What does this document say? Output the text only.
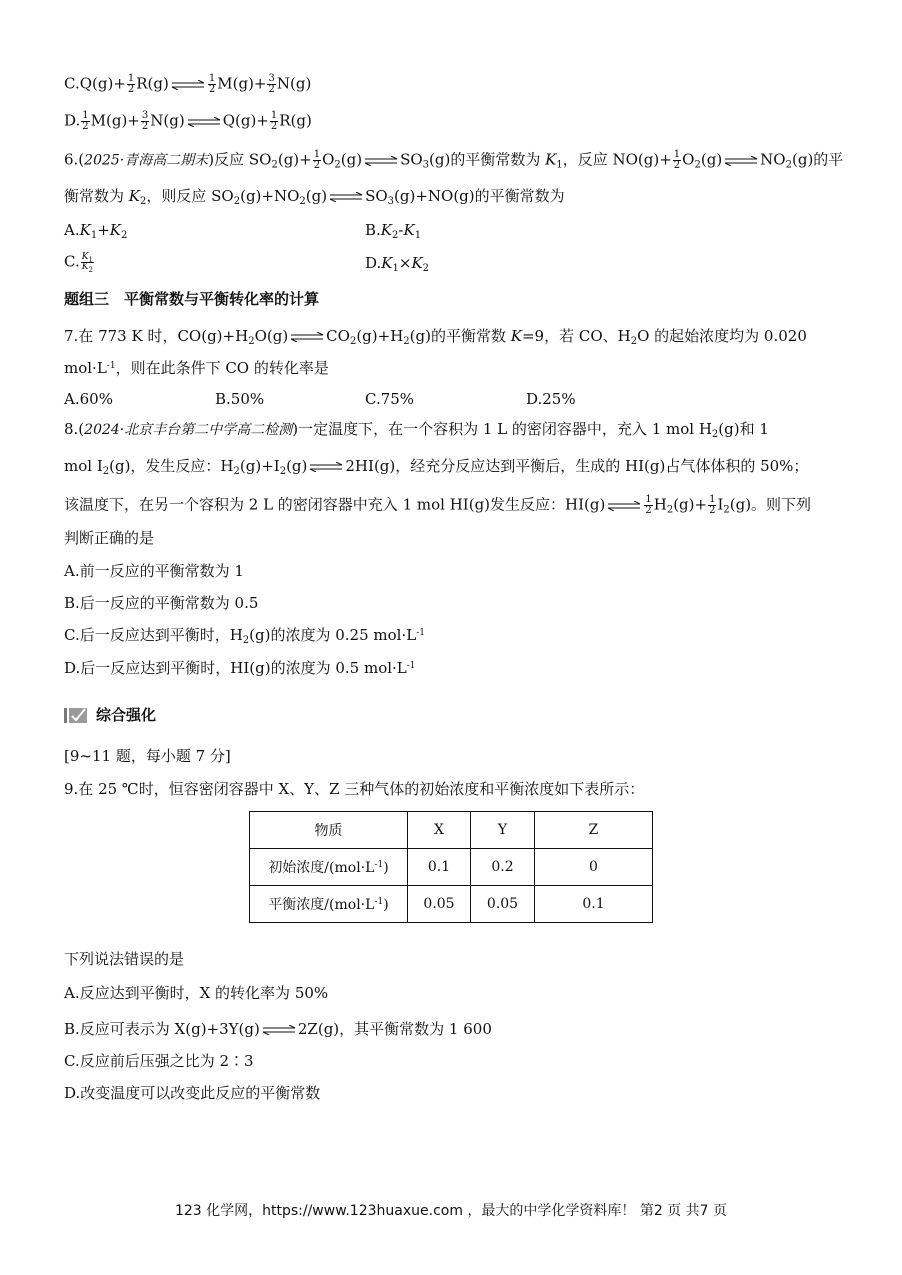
$C.Q(g)+ \frac{1}{2} R(g)$ ⇌ $\frac{1}{2} M(g)+ \frac{3}{2} N(g)$
D. $\frac{1}{2} M(g)+ \frac{3}{2} N(g)$ ⇌ $Q(g)+ \frac{1}{2} R(g)$
6.(2025·青海高二期末)反应 $SO_2(g)+ \frac{1}{2} O_2(g)$ ⇌ $SO_3(g)$的平衡常数为 $K_1$，反应 $NO(g)+ \frac{1}{2} O_2(g)$ ⇌ $NO_2(g)$的平
衡常数为 $K_2$，则反应 $SO_2(g)+NO_2(g)$ ⇌ $SO_3(g)+NO(g)$的平衡常数为
$A.K_1+K_2$	$B.K_2-K_1$
C. $\frac{K_1}{K_2}$	$D.K_1\times K_2$
题组三　平衡常数与平衡转化率的计算
7.在 773 K 时，$CO(g)+H_2O(g)$ ⇌ $CO_2(g)+H_2(g)$的平衡常数 K=9，若 CO、$H_2O$ 的起始浓度均为 0.020
$mol\cdot L^{-1}$，则在此条件下 CO 的转化率是
A.60%	B.50%	C.75%	D.25%
8.(2024·北京丰台第二中学高二检测)一定温度下，在一个容积为 1 L 的密闭容器中，充入 1 mol $H_2(g)$和 1
mol $I_2(g)$，发生反应：$H_2(g)+I_2(g)$ ⇌ 2HI(g)，经充分反应达到平衡后，生成的 HI(g)占气体体积的 50%；
该温度下，在另一个容积为 2 L 的密闭容器中充入 1 mol HI(g)发生反应：HI(g) ⇌ $\frac{1}{2} H_2(g)+ \frac{1}{2} I_2(g)$。则下列
判断正确的是
A.前一反应的平衡常数为 1
B.后一反应的平衡常数为 0.5
C.后一反应达到平衡时，$H_2(g)$的浓度为 0.25 $mol\cdot L^{-1}$
D.后一反应达到平衡时，HI(g)的浓度为 0.5 $mol\cdot L^{-1}$
综合强化
[9~11 题，每小题 7 分]
9.在 25 ℃时，恒容密闭容器中 X、Y、Z 三种气体的初始浓度和平衡浓度如下表所示：
物质	X	Y	Z
初始浓度$/(mol\cdot L^{-1})$	0.1	0.2	0
平衡浓度$/(mol\cdot L^{-1})$	0.05	0.05	0.1
下列说法错误的是
A.反应达到平衡时，X 的转化率为 50%
B.反应可表示为 X(g)+3Y(g) ⇌ 2Z(g)，其平衡常数为 1 600
C.反应前后压强之比为 2∶3
D.改变温度可以改变此反应的平衡常数
123 化学网，https://www.123huaxue.com ，最大的中学化学资料库！ 第2 页 共7 页
